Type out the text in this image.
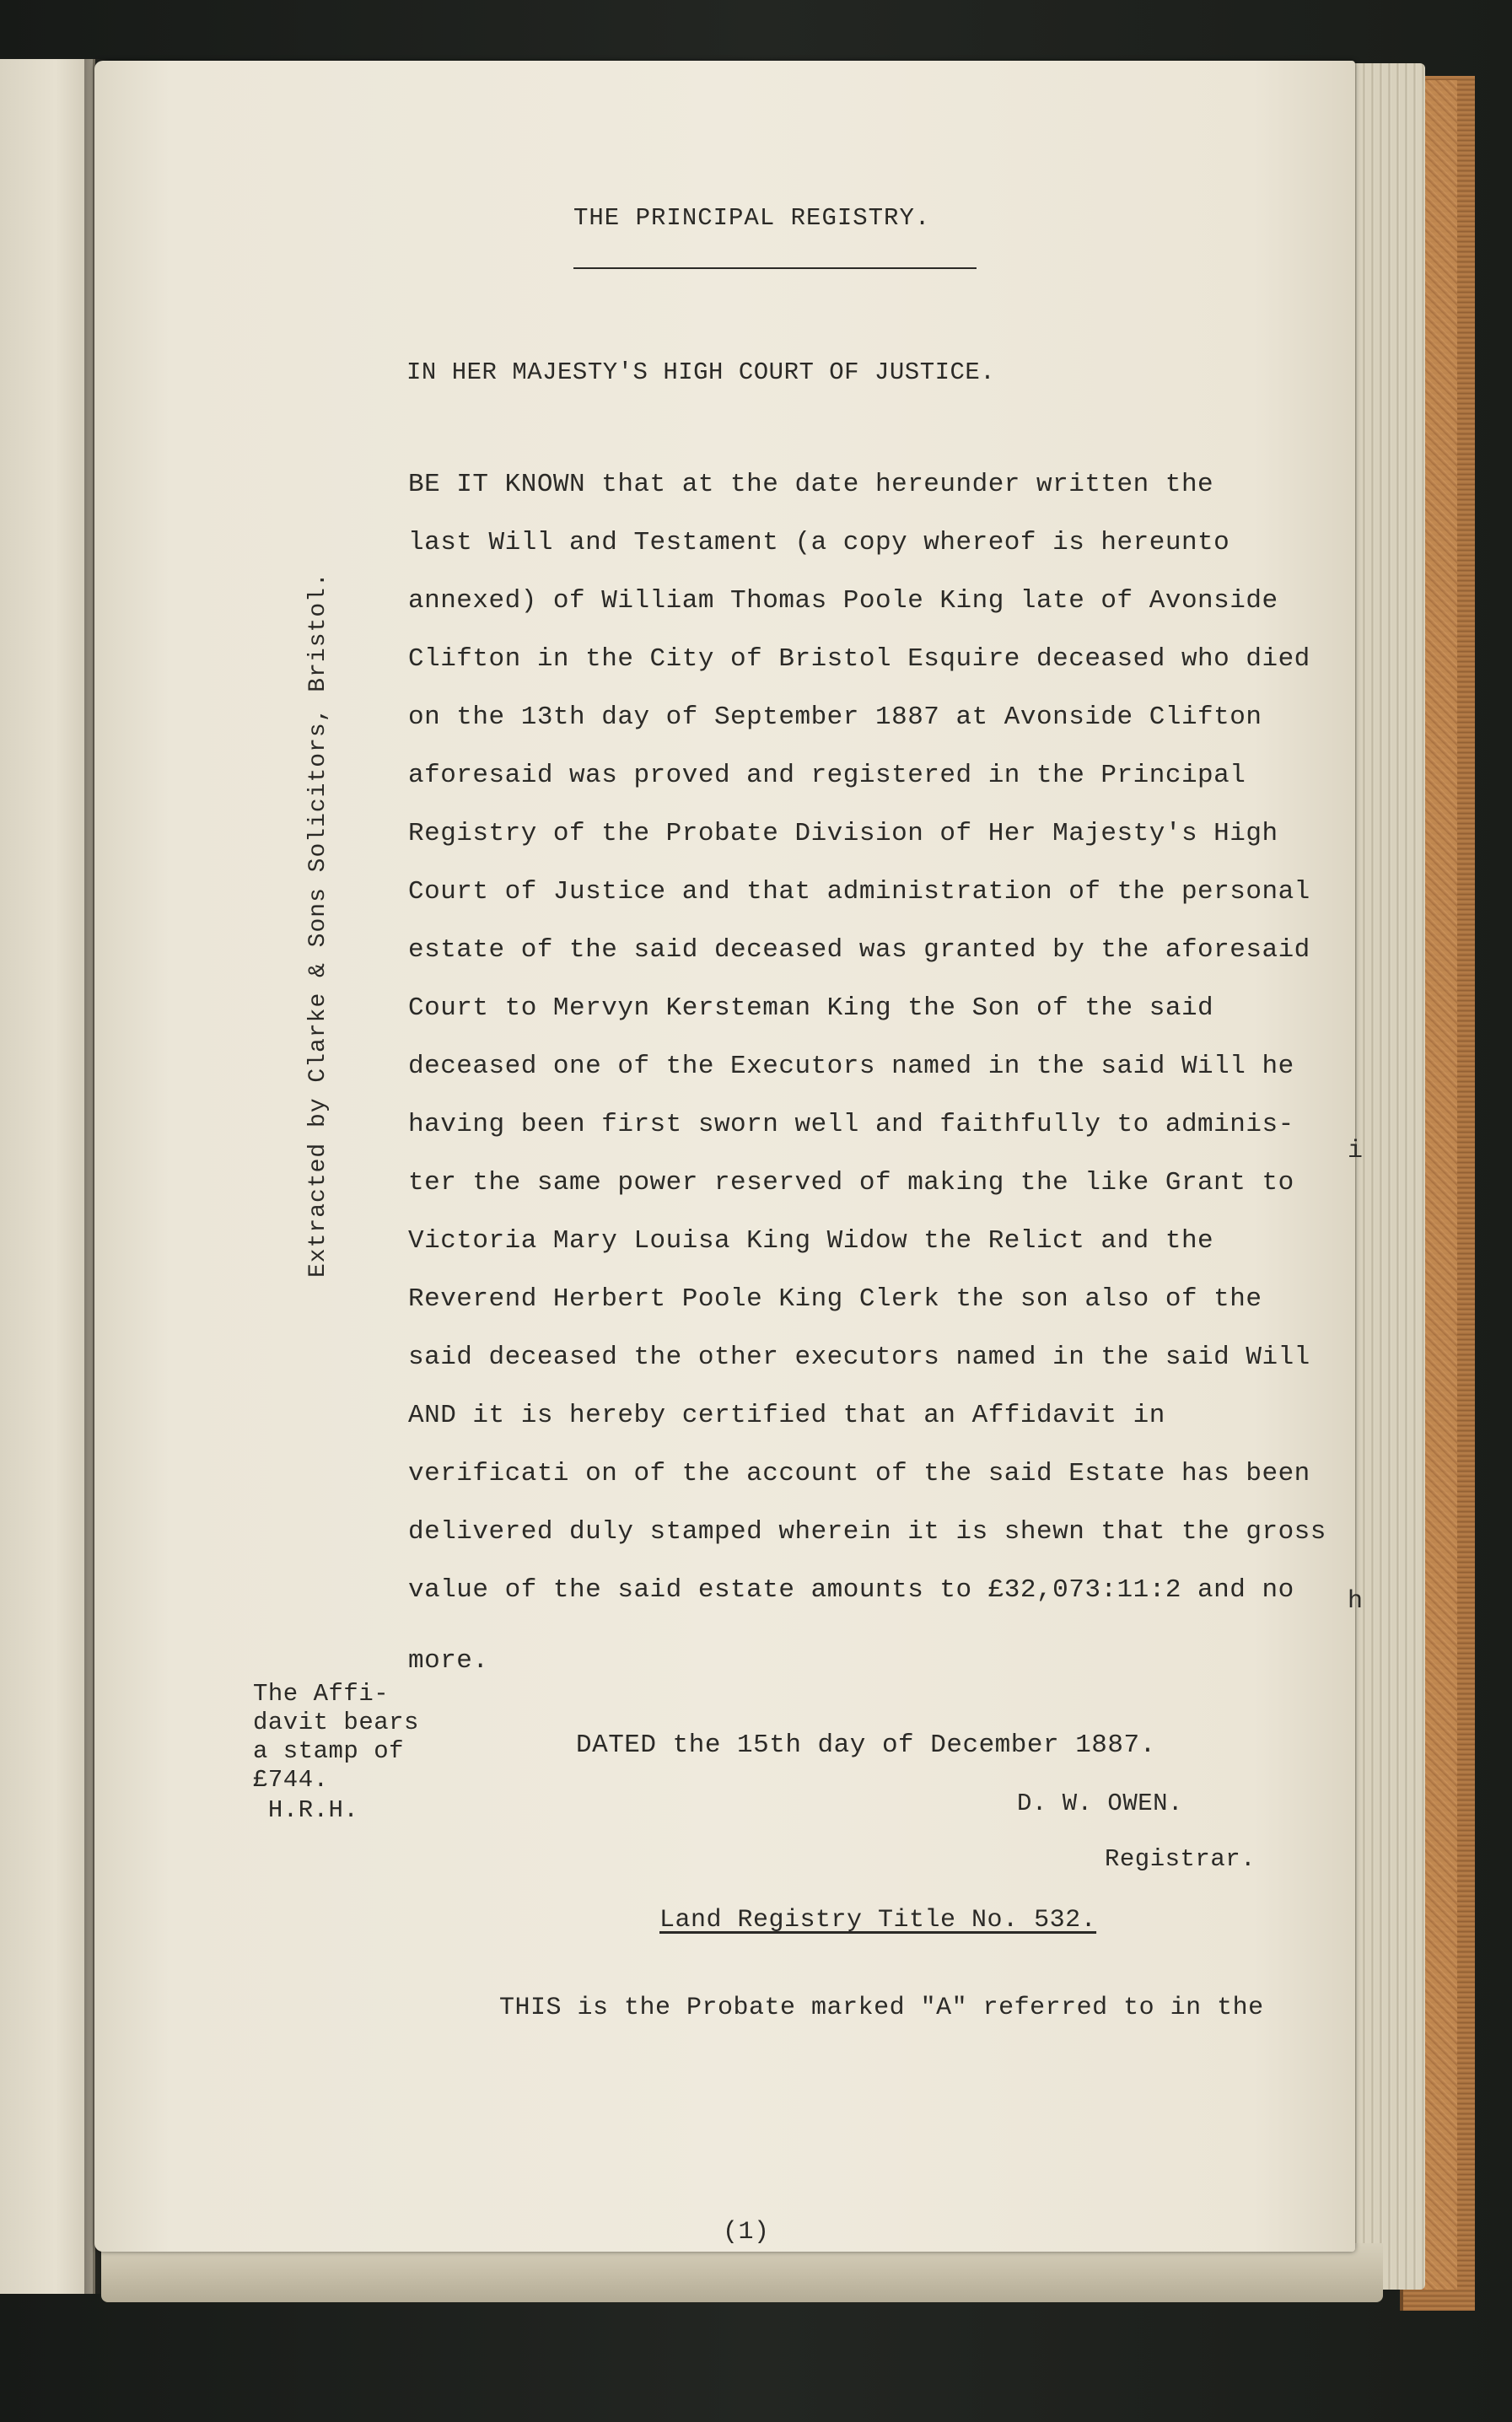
THE PRINCIPAL REGISTRY.
IN HER MAJESTY'S HIGH COURT OF JUSTICE.
Extracted by Clarke & Sons Solicitors, Bristol.
BE IT KNOWN that at the date hereunder written the
last Will and Testament (a copy whereof is hereunto
annexed) of William Thomas Poole King late of Avonside
Clifton in the City of Bristol Esquire deceased who died
on the 13th day of September 1887 at Avonside Clifton
aforesaid was proved and registered in the Principal
Registry of the Probate Division of Her Majesty's High
Court of Justice and that administration of the personal
estate of the said deceased was granted by the aforesaid
Court to Mervyn Kersteman King the Son of the said
deceased one of the Executors named in the said Will he
having been first sworn well and faithfully to adminis-
ter the same power reserved of making the like Grant to
Victoria Mary Louisa King Widow the Relict and the
Reverend Herbert Poole King Clerk the son also of the
said deceased the other executors named in the said Will
AND it is hereby certified that an Affidavit in
verificati on of the account of the said Estate has been
delivered duly stamped wherein it is shewn that the gross
value of the said estate amounts to £32,073:11:2 and no
more.
i
h
The Affi-
davit bears
a stamp of
£744.
H.R.H.
DATED the 15th day of December 1887.
D. W. OWEN.
Registrar.
Land Registry Title No. 532.
THIS is the Probate marked "A" referred to in the
(1)
